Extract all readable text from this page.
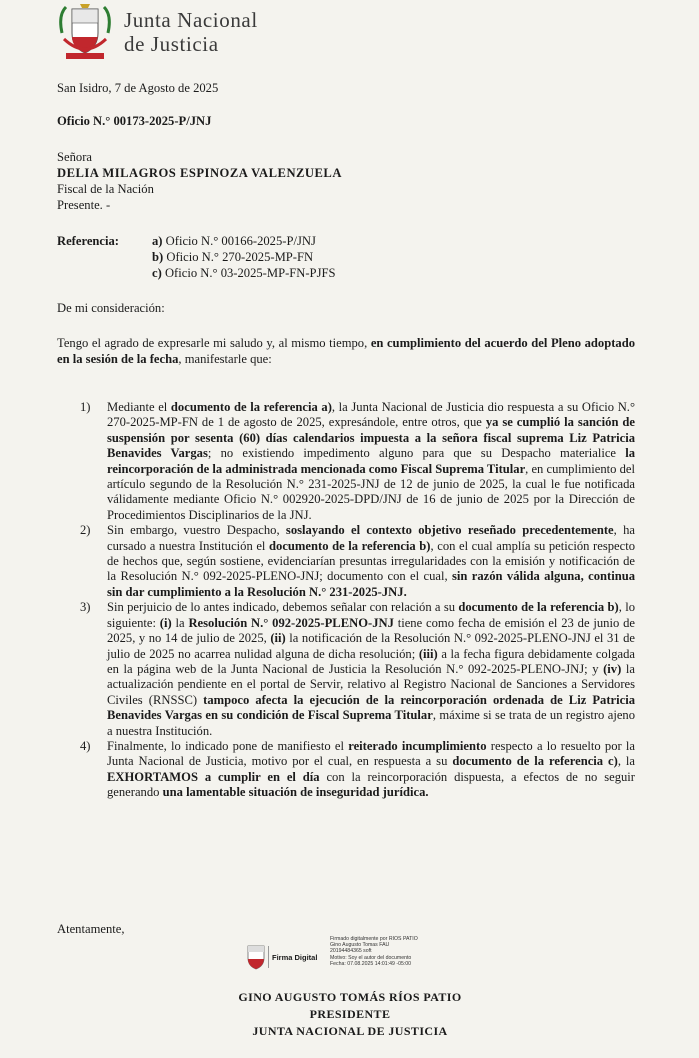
Junta Nacional
de Justicia
San Isidro, 7 de Agosto de 2025
Oficio N.° 00173-2025-P/JNJ
Señora
DELIA MILAGROS ESPINOZA VALENZUELA
Fiscal de la Nación
Presente. -
Referencia:	a) Oficio N.° 00166-2025-P/JNJ
b) Oficio N.° 270-2025-MP-FN
c) Oficio N.° 03-2025-MP-FN-PJFS
De mi consideración:
Tengo el agrado de expresarle mi saludo y, al mismo tiempo, en cumplimiento del acuerdo del Pleno adoptado en la sesión de la fecha, manifestarle que:
1) Mediante el documento de la referencia a), la Junta Nacional de Justicia dio respuesta a su Oficio N.° 270-2025-MP-FN de 1 de agosto de 2025, expresándole, entre otros, que ya se cumplió la sanción de suspensión por sesenta (60) días calendarios impuesta a la señora fiscal suprema Liz Patricia Benavides Vargas; no existiendo impedimento alguno para que su Despacho materialice la reincorporación de la administrada mencionada como Fiscal Suprema Titular, en cumplimiento del artículo segundo de la Resolución N.° 231-2025-JNJ de 12 de junio de 2025, la cual le fue notificada válidamente mediante Oficio N.° 002920-2025-DPD/JNJ de 16 de junio de 2025 por la Dirección de Procedimientos Disciplinarios de la JNJ.
2) Sin embargo, vuestro Despacho, soslayando el contexto objetivo reseñado precedentemente, ha cursado a nuestra Institución el documento de la referencia b), con el cual amplía su petición respecto de hechos que, según sostiene, evidenciarían presuntas irregularidades con la emisión y notificación de la Resolución N.° 092-2025-PLENO-JNJ; documento con el cual, sin razón válida alguna, continua sin dar cumplimiento a la Resolución N.° 231-2025-JNJ.
3) Sin perjuicio de lo antes indicado, debemos señalar con relación a su documento de la referencia b), lo siguiente: (i) la Resolución N.° 092-2025-PLENO-JNJ tiene como fecha de emisión el 23 de junio de 2025, y no 14 de julio de 2025, (ii) la notificación de la Resolución N.° 092-2025-PLENO-JNJ el 31 de julio de 2025 no acarrea nulidad alguna de dicha resolución; (iii) a la fecha figura debidamente colgada en la página web de la Junta Nacional de Justicia la Resolución N.° 092-2025-PLENO-JNJ; y (iv) la actualización pendiente en el portal de Servir, relativo al Registro Nacional de Sanciones a Servidores Civiles (RNSSC) tampoco afecta la ejecución de la reincorporación ordenada de Liz Patricia Benavides Vargas en su condición de Fiscal Suprema Titular, máxime si se trata de un registro ajeno a nuestra Institución.
4) Finalmente, lo indicado pone de manifiesto el reiterado incumplimiento respecto a lo resuelto por la Junta Nacional de Justicia, motivo por el cual, en respuesta a su documento de la referencia c), la EXHORTAMOS a cumplir en el día con la reincorporación dispuesta, a efectos de no seguir generando una lamentable situación de inseguridad jurídica.
Atentamente,
Firma Digital
Firmado digitalmente por RIOS PATIO
Gino Augusto Tomas FAU
20194484365 soft
Motivo: Soy el autor del documento
Fecha: 07.08.2025 14:01:49 -05:00
GINO AUGUSTO TOMÁS RÍOS PATIO
PRESIDENTE
JUNTA NACIONAL DE JUSTICIA
